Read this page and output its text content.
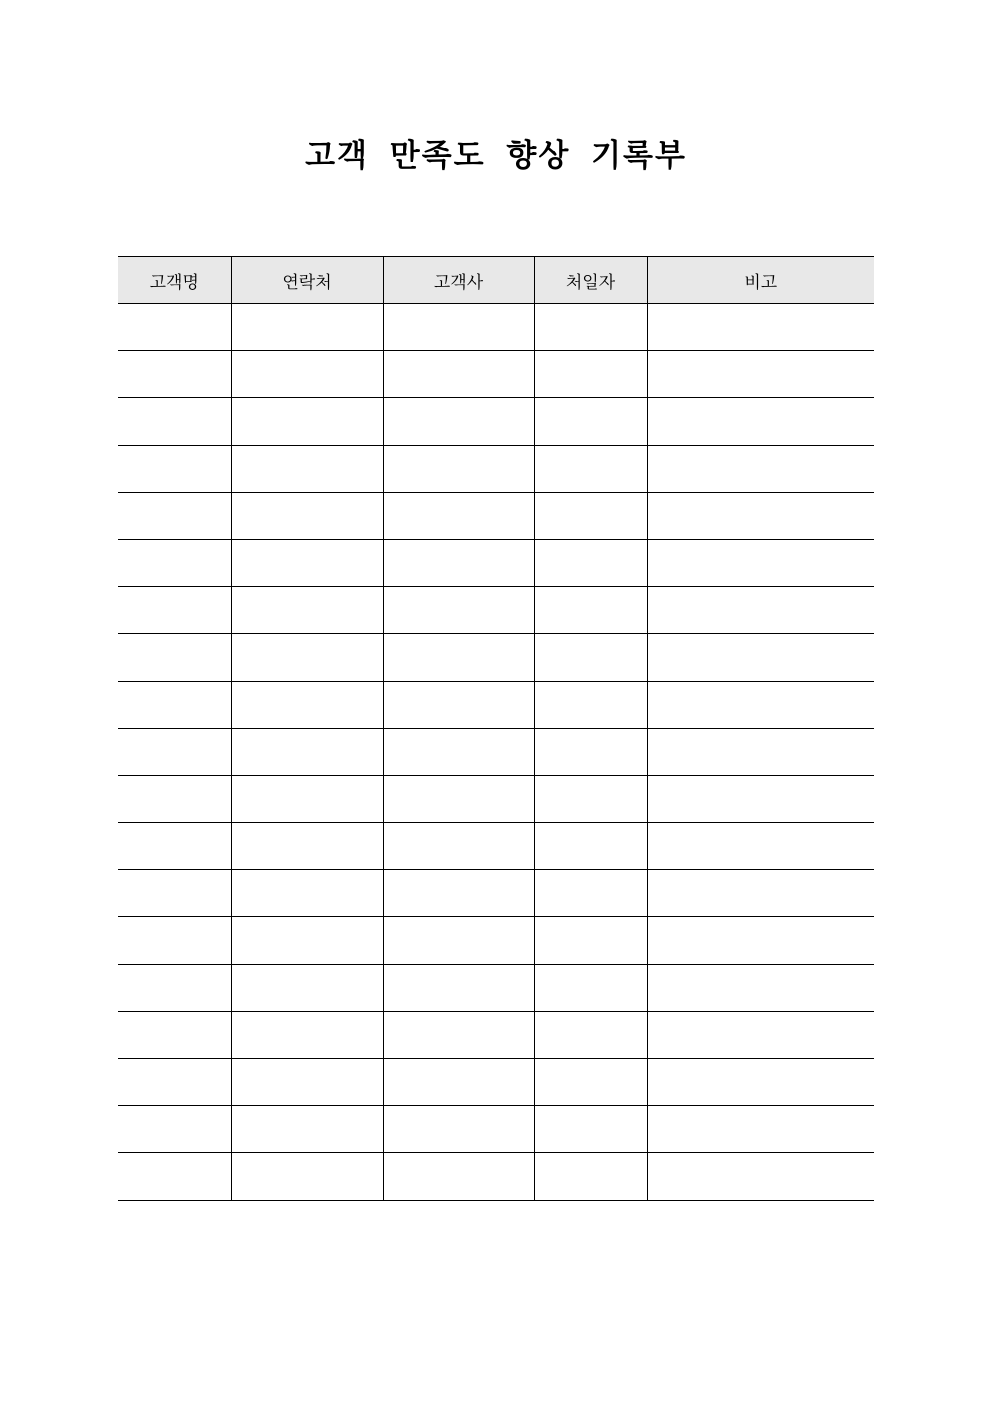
고객 만족도 향상 기록부
고객명	연락처	고객사	처일자	비고
